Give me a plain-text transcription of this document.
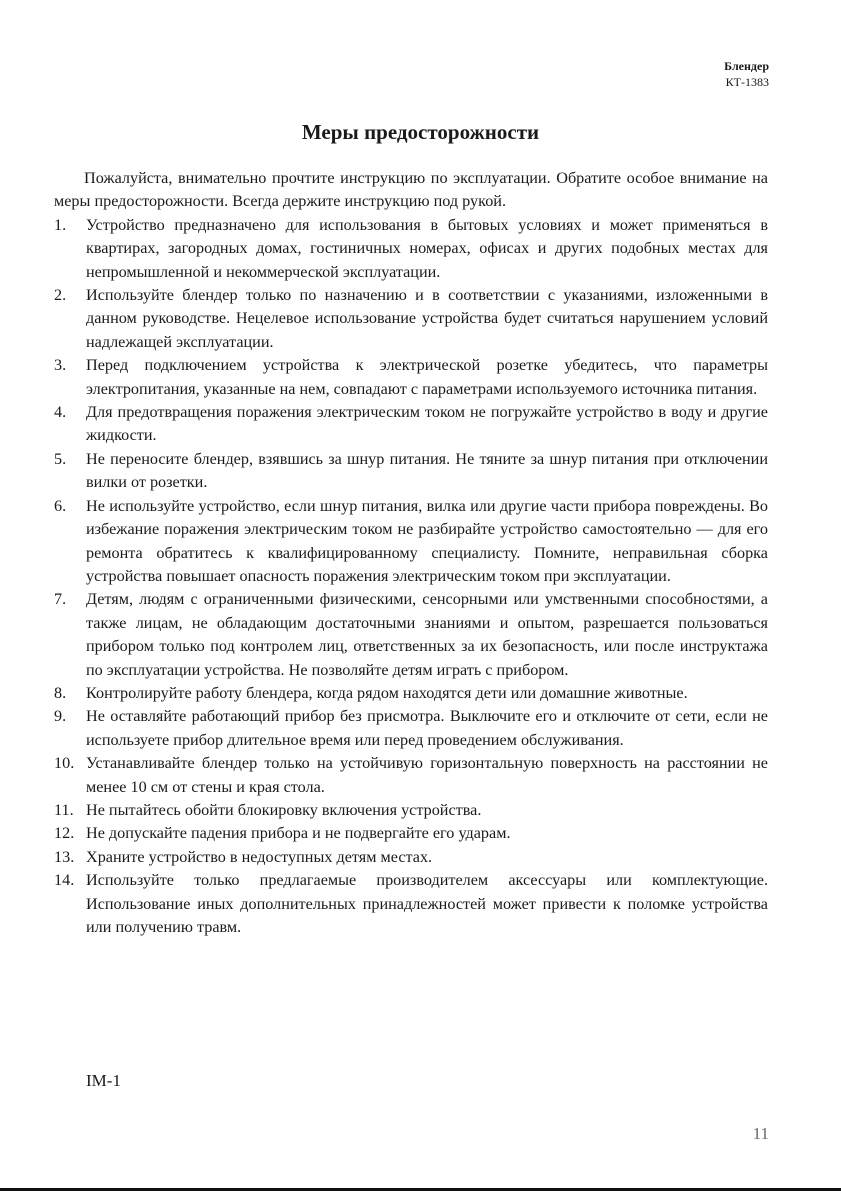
Блендер
КТ-1383
Меры предосторожности

Пожалуйста, внимательно прочтите инструкцию по эксплуатации. Обратите особое внимание на меры предосторожности. Всегда держите инструкцию под рукой.

1. Устройство предназначено для использования в бытовых условиях и может применяться в квартирах, загородных домах, гостиничных номерах, офисах и других подобных местах для непромышленной и некоммерческой эксплуатации.
2. Используйте блендер только по назначению и в соответствии с указаниями, изложенными в данном руководстве. Нецелевое использование устройства будет считаться нарушением условий надлежащей эксплуатации.
3. Перед подключением устройства к электрической розетке убедитесь, что параметры электропитания, указанные на нем, совпадают с параметрами используемого источника питания.
4. Для предотвращения поражения электрическим током не погружайте устройство в воду и другие жидкости.
5. Не переносите блендер, взявшись за шнур питания. Не тяните за шнур питания при отключении вилки от розетки.
6. Не используйте устройство, если шнур питания, вилка или другие части прибора повреждены. Во избежание поражения электрическим током не разбирайте устройство самостоятельно — для его ремонта обратитесь к квалифицированному специалисту. Помните, неправильная сборка устройства повышает опасность поражения электрическим током при эксплуатации.
7. Детям, людям с ограниченными физическими, сенсорными или умственными способностями, а также лицам, не обладающим достаточными знаниями и опытом, разрешается пользоваться прибором только под контролем лиц, ответственных за их безопасность, или после инструктажа по эксплуатации устройства. Не позволяйте детям играть с прибором.
8. Контролируйте работу блендера, когда рядом находятся дети или домашние животные.
9. Не оставляйте работающий прибор без присмотра. Выключите его и отключите от сети, если не используете прибор длительное время или перед проведением обслуживания.
10. Устанавливайте блендер только на устойчивую горизонтальную поверхность на расстоянии не менее 10 см от стены и края стола.
11. Не пытайтесь обойти блокировку включения устройства.
12. Не допускайте падения прибора и не подвергайте его ударам.
13. Храните устройство в недоступных детям местах.
14. Используйте только предлагаемые производителем аксессуары или комплектующие. Использование иных дополнительных принадлежностей может привести к поломке устройства или получению травм.
IM-1
11
